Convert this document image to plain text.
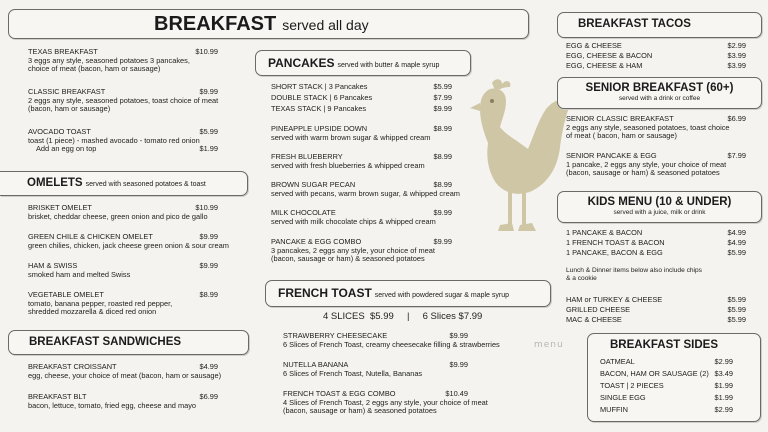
BREAKFAST served all day
TEXAS BREAKFAST	$10.99
3 eggs any style, seasoned potatoes 3 pancakes,
choice of meat (bacon, ham or sausage)
CLASSIC BREAKFAST	$9.99
2 eggs any style, seasoned potatoes, toast choice of meat
(bacon, ham or sausage)
AVOCADO TOAST	$5.99
toast (1 piece) - mashed avocado - tomato red onion
Add an egg on top	$1.99
OMELETS served with seasoned potatoes & toast
BRISKET OMELET	$10.99
brisket, cheddar cheese, green onion and pico de gallo
GREEN CHILE & CHICKEN OMELET	$9.99
green chilies, chicken, jack cheese green onion & sour cream
HAM & SWISS	$9.99
smoked ham and melted Swiss
VEGETABLE OMELET	$8.99
tomato, banana pepper, roasted red pepper,
shredded mozzarella & diced red onion
BREAKFAST SANDWICHES
BREAKFAST CROISSANT	$4.99
egg, cheese, your choice of meat (bacon, ham or sausage)
BREAKFAST BLT	$6.99
bacon, lettuce, tomato, fried egg, cheese and mayo
PANCAKES served with butter & maple syrup
SHORT STACK | 3 Pancakes	$5.99
DOUBLE STACK | 6 Pancakes	$7.99
TEXAS STACK | 9 Pancakes	$9.99
PINEAPPLE UPSIDE DOWN	$8.99
served with warm brown sugar & whipped cream
FRESH BLUEBERRY	$8.99
served with fresh blueberries & whipped cream
BROWN SUGAR PECAN	$8.99
served with pecans, warm brown sugar, & whipped cream
MILK CHOCOLATE	$9.99
served with milk chocolate chips & whipped cream
PANCAKE & EGG COMBO	$9.99
3 pancakes, 2 eggs any style, your choice of meat
(bacon, sausage or ham) & seasoned potatoes
FRENCH TOAST served with powdered sugar & maple syrup
4 SLICES  $5.99     |     6 Slices $7.99
STRAWBERRY CHEESECAKE	$9.99
6 Slices of French Toast, creamy cheesecake filling & strawberries
NUTELLA BANANA	$9.99
6 Slices of French Toast, Nutella, Bananas
FRENCH TOAST & EGG COMBO	$10.49
4 Slices of French Toast, 2 eggs any style, your choice of meat
(bacon, sausage or ham) & seasoned potatoes
BREAKFAST TACOS
EGG & CHEESE	$2.99
EGG, CHEESE & BACON	$3.99
EGG, CHEESE & HAM	$3.99
SENIOR BREAKFAST (60+)
served with a drink or coffee
SENIOR CLASSIC BREAKFAST	$6.99
2 eggs any style, seasoned potatoes, toast choice
of meat ( bacon, ham or sausage)
SENIOR PANCAKE & EGG	$7.99
1 pancake, 2 eggs any style, your choice of meat
(bacon, sausage or ham) & seasoned potatoes
KIDS MENU (10 & UNDER)
served with a juice, milk or drink
1 PANCAKE & BACON	$4.99
1 FRENCH TOAST & BACON	$4.99
1 PANCAKE, BACON & EGG	$5.99
Lunch & Dinner items below also include chips
& a cookie
HAM or TURKEY & CHEESE	$5.99
GRILLED CHEESE	$5.99
MAC & CHEESE	$5.99
menu	BREAKFAST SIDES
OATMEAL	$2.99
BACON, HAM OR SAUSAGE (2) $3.49
TOAST | 2 PIECES	$1.99
SINGLE EGG	$1.99
MUFFIN	$2.99
